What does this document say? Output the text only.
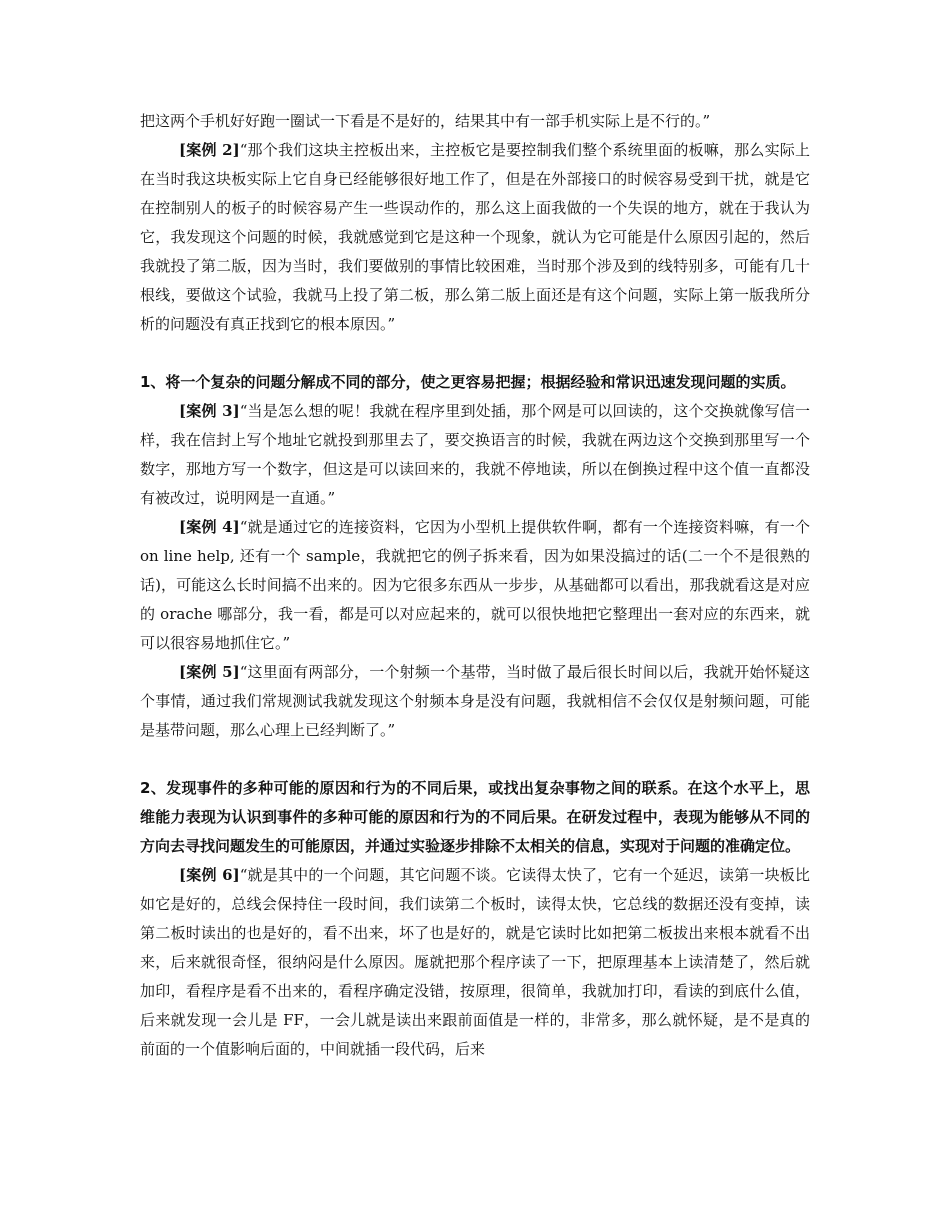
把这两个手机好好跑一圈试一下看是不是好的，结果其中有一部手机实际上是不行的。”

[案例 2]“那个我们这块主控板出来，主控板它是要控制我们整个系统里面的板嘛，那么实际上在当时我这块板实际上它自身已经能够很好地工作了，但是在外部接口的时候容易受到干扰，就是它在控制别人的板子的时候容易产生一些误动作的，那么这上面我做的一个失误的地方，就在于我认为它，我发现这个问题的时候，我就感觉到它是这种一个现象，就认为它可能是什么原因引起的，然后我就投了第二版，因为当时，我们要做别的事情比较困难，当时那个涉及到的线特别多，可能有几十根线，要做这个试验，我就马上投了第二板，那么第二版上面还是有这个问题，实际上第一版我所分析的问题没有真正找到它的根本原因。”

1、将一个复杂的问题分解成不同的部分，使之更容易把握；根据经验和常识迅速发现问题的实质。

[案例 3]“当是怎么想的呢！我就在程序里到处插，那个网是可以回读的，这个交换就像写信一样，我在信封上写个地址它就投到那里去了，要交换语言的时候，我就在两边这个交换到那里写一个数字，那地方写一个数字，但这是可以读回来的，我就不停地读，所以在倒换过程中这个值一直都没有被改过，说明网是一直通。”

[案例 4]“就是通过它的连接资料，它因为小型机上提供软件啊，都有一个连接资料嘛，有一个 on line help, 还有一个 sample，我就把它的例子拆来看，因为如果没搞过的话(二一个不是很熟的话)，可能这么长时间搞不出来的。因为它很多东西从一步步，从基础都可以看出，那我就看这是对应的 orache 哪部分，我一看，都是可以对应起来的，就可以很快地把它整理出一套对应的东西来，就可以很容易地抓住它。”

[案例 5]“这里面有两部分，一个射频一个基带，当时做了最后很长时间以后，我就开始怀疑这个事情，通过我们常规测试我就发现这个射频本身是没有问题，我就相信不会仅仅是射频问题，可能是基带问题，那么心理上已经判断了。”

2、发现事件的多种可能的原因和行为的不同后果，或找出复杂事物之间的联系。在这个水平上，思维能力表现为认识到事件的多种可能的原因和行为的不同后果。在研发过程中，表现为能够从不同的方向去寻找问题发生的可能原因，并通过实验逐步排除不太相关的信息，实现对于问题的准确定位。

[案例 6]“就是其中的一个问题，其它问题不谈。它读得太快了，它有一个延迟，读第一块板比如它是好的，总线会保持住一段时间，我们读第二个板时，读得太快，它总线的数据还没有变掉，读第二板时读出的也是好的，看不出来，坏了也是好的，就是它读时比如把第二板拔出来根本就看不出来，后来就很奇怪，很纳闷是什么原因。厖就把那个程序读了一下，把原理基本上读清楚了，然后就加印，看程序是看不出来的，看程序确定没错，按原理，很简单，我就加打印，看读的到底什么值，后来就发现一会儿是 FF，一会儿就是读出来跟前面值是一样的，非常多，那么就怀疑，是不是真的前面的一个值影响后面的，中间就插一段代码，后来
